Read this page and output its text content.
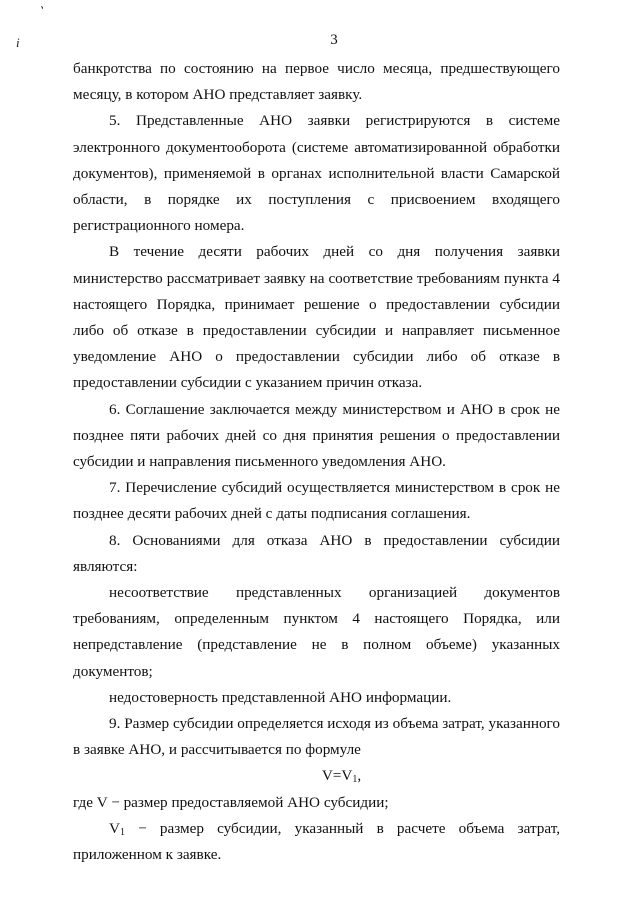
`
i	3

банкротства по состоянию на первое число месяца, предшествующего месяцу, в котором АНО представляет заявку.

5. Представленные АНО заявки регистрируются в системе электронного документооборота (системе автоматизированной обработки документов), применяемой в органах исполнительной власти Самарской области, в порядке их поступления с присвоением входящего регистрационного номера.

В течение десяти рабочих дней со дня получения заявки министерство рассматривает заявку на соответствие требованиям пункта 4 настоящего Порядка, принимает решение о предоставлении субсидии либо об отказе в предоставлении субсидии и направляет письменное уведомление АНО о предоставлении субсидии либо об отказе в предоставлении субсидии с указанием причин отказа.

6. Соглашение заключается между министерством и АНО в срок не позднее пяти рабочих дней со дня принятия решения о предоставлении субсидии и направления письменного уведомления АНО.

7. Перечисление субсидий осуществляется министерством в срок не позднее десяти рабочих дней с даты подписания соглашения.

8. Основаниями для отказа АНО в предоставлении субсидии являются:

несоответствие представленных организацией документов требованиям, определенным пунктом 4 настоящего Порядка, или непредставление (представление не в полном объеме) указанных документов;

недостоверность представленной АНО информации.

9. Размер субсидии определяется исходя из объема затрат, указанного в заявке АНО, и рассчитывается по формуле

$V=V_1$,

где V − размер предоставляемой АНО субсидии;

$V_1$ − размер субсидии, указанный в расчете объема затрат, приложенном к заявке.
